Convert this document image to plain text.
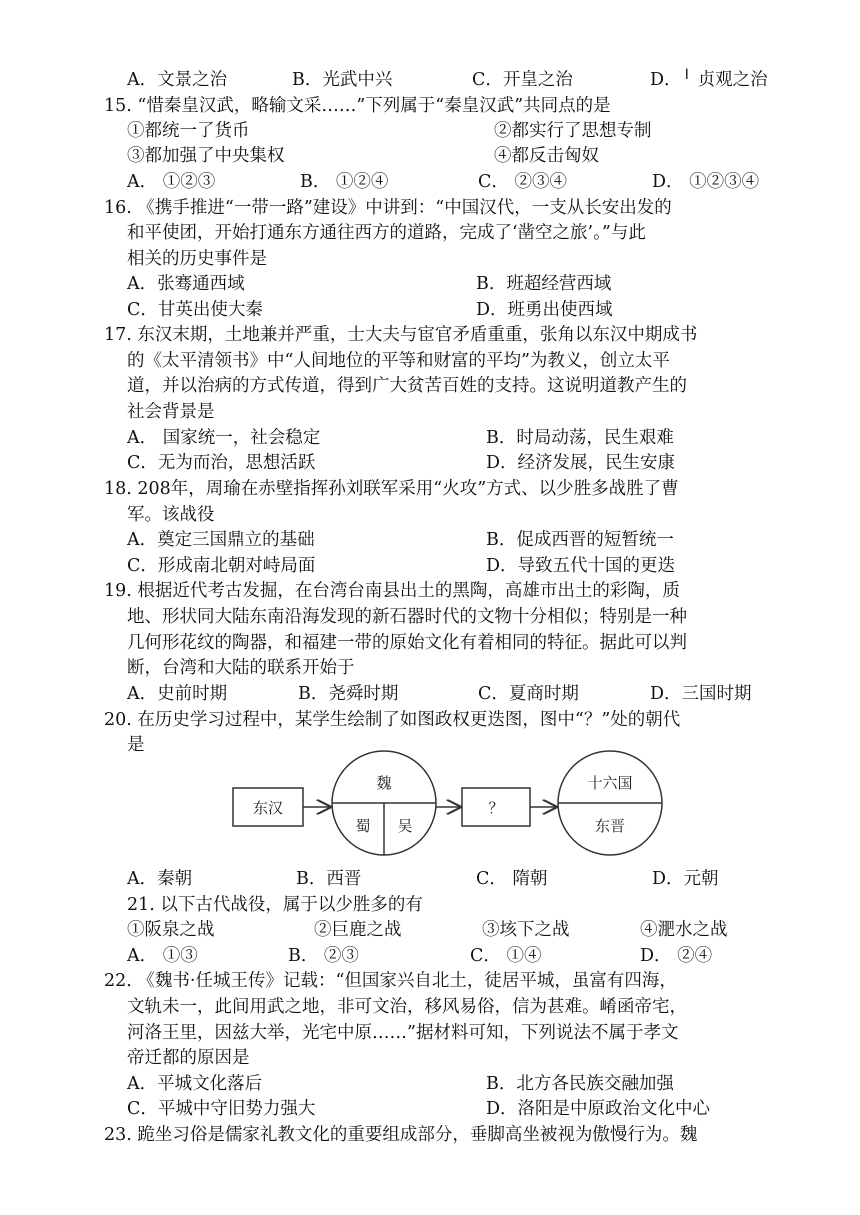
A．文景之治	B．光武中兴	C．开皇之治	D．╵ 贞观之治
15. “惜秦皇汉武，略输文采……”下列属于“秦皇汉武”共同点的是
①都统一了货币	②都实行了思想专制
③都加强了中央集权	④都反击匈奴
A． ①②③	B． ①②④	C． ②③④	D． ①②③④
16. 《携手推进“一带一路”建设》中讲到：“中国汉代，一支从长安出发的
和平使团，开始打通东方通往西方的道路，完成了‘凿空之旅’。”与此
相关的历史事件是
A．张骞通西域	B．班超经营西域
C．甘英出使大秦	D．班勇出使西域
17. 东汉末期，土地兼并严重，士大夫与宦官矛盾重重，张角以东汉中期成书
的《太平清领书》中“人间地位的平等和财富的平均”为教义，创立太平
道，并以治病的方式传道，得到广大贫苦百姓的支持。这说明道教产生的
社会背景是
A． 国家统一，社会稳定	B．时局动荡，民生艰难
C．无为而治，思想活跃	D．经济发展，民生安康
18. 208年，周瑜在赤壁指挥孙刘联军采用“火攻”方式、以少胜多战胜了曹
军。该战役
A．奠定三国鼎立的基础	B．促成西晋的短暂统一
C．形成南北朝对峙局面	D．导致五代十国的更迭
19. 根据近代考古发掘，在台湾台南县出土的黑陶，高雄市出土的彩陶，质
地、形状同大陆东南沿海发现的新石器时代的文物十分相似；特别是一种
几何形花纹的陶器，和福建一带的原始文化有着相同的特征。据此可以判
断，台湾和大陆的联系开始于
A．史前时期	B．尧舜时期	C．夏商时期	D．三国时期
20. 在历史学习过程中，某学生绘制了如图政权更迭图，图中“？”处的朝代
是
东汉
魏
蜀 吴
？
十六国
东晋
A．秦朝	B．西晋	C． 隋朝	D．元朝
21. 以下古代战役，属于以少胜多的有
①阪泉之战	②巨鹿之战	③垓下之战	④淝水之战
A． ①③	B． ②③	C． ①④	D． ②④
22. 《魏书·任城王传》记载：“但国家兴自北土，徒居平城，虽富有四海，
文轨未一，此间用武之地，非可文治，移风易俗，信为甚难。崤函帝宅，
河洛王里，因兹大举，光宅中原……”据材料可知，下列说法不属于孝文
帝迁都的原因是
A．平城文化落后	B．北方各民族交融加强
C．平城中守旧势力强大	D．洛阳是中原政治文化中心
23. 跪坐习俗是儒家礼教文化的重要组成部分，垂脚高坐被视为傲慢行为。魏
